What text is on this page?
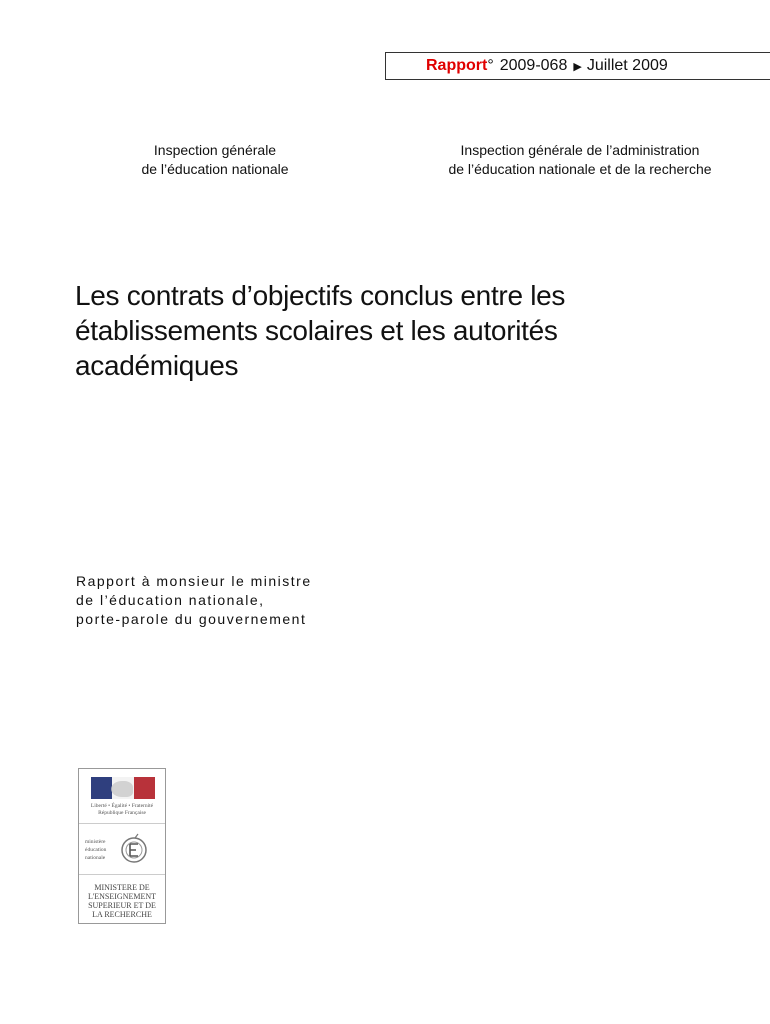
Rapport ° 2009-068 ▶ Juillet 2009
Inspection générale
de l’éducation nationale
Inspection générale de l’administration
de l’éducation nationale et de la recherche
Les contrats d’objectifs conclus entre les
établissements scolaires et les autorités
académiques
Rapport à monsieur le ministre
de l’éducation nationale,
porte-parole du gouvernement
Liberté • Égalité • Fraternité
République Française
ministère
éducation
nationale
MINISTERE DE
L'ENSEIGNEMENT
SUPERIEUR ET DE
LA RECHERCHE
